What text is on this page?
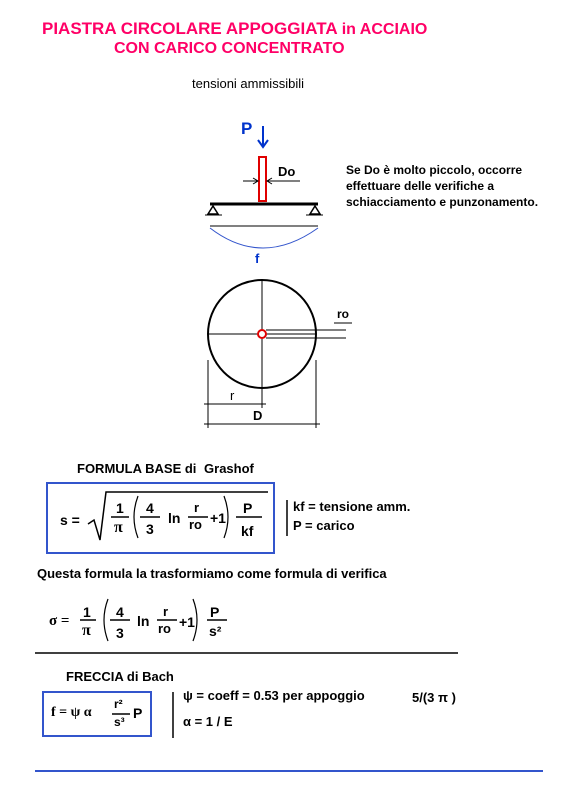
PIASTRA CIRCOLARE APPOGGIATA in ACCIAIO
CON CARICO CONCENTRATO
tensioni ammissibili
P
Do
f
ro
r
D
Se Do è molto piccolo, occorre
effettuare delle verifiche a
schiacciamento e punzonamento.
FORMULA BASE di Grashof
s =
1
π
4
3
ln
r
ro +1
P
kf
kf = tensione amm.
P = carico
Questa formula la trasformiamo come formula di verifica
σ =
1
π
4
3
ln
r
ro +1
P
s²
FRECCIA di Bach
f = ψ α
r²
s³
P
ψ = coeff = 0.53 per appoggio	5/(3 π )
α = 1 / E
